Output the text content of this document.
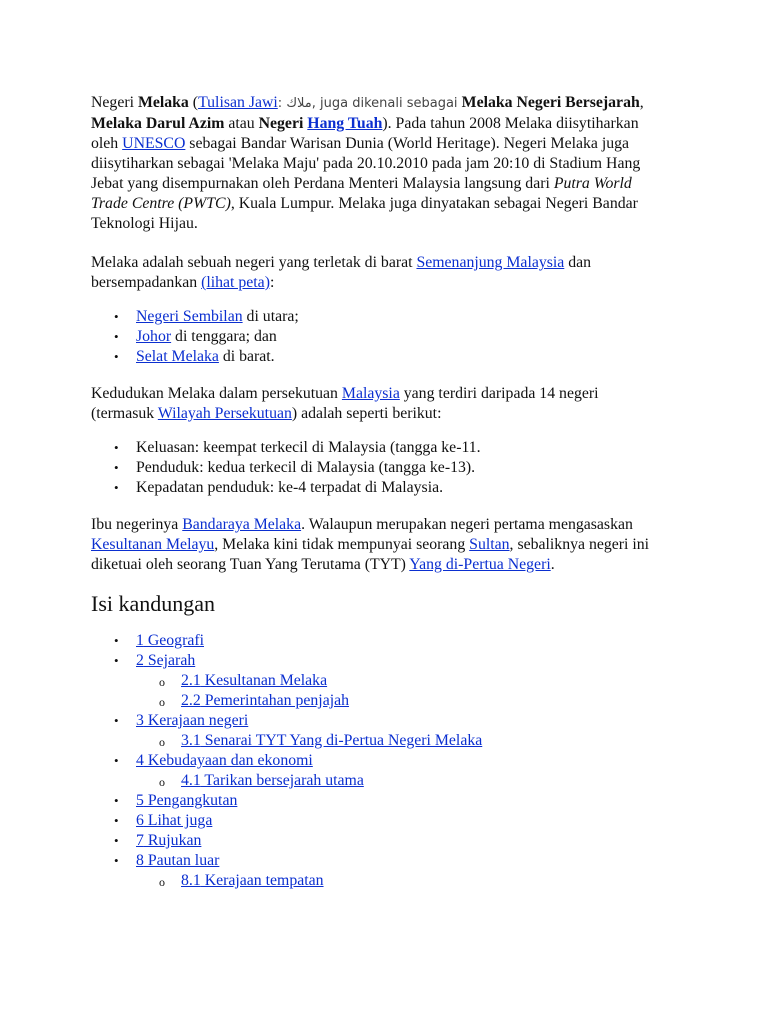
Negeri Melaka (Tulisan Jawi: ملاك, juga dikenali sebagai Melaka Negeri Bersejarah, Melaka Darul Azim atau Negeri Hang Tuah). Pada tahun 2008 Melaka diisytiharkan oleh UNESCO sebagai Bandar Warisan Dunia (World Heritage). Negeri Melaka juga diisytiharkan sebagai 'Melaka Maju' pada 20.10.2010 pada jam 20:10 di Stadium Hang Jebat yang disempurnakan oleh Perdana Menteri Malaysia langsung dari Putra World Trade Centre (PWTC), Kuala Lumpur. Melaka juga dinyatakan sebagai Negeri Bandar Teknologi Hijau.

Melaka adalah sebuah negeri yang terletak di barat Semenanjung Malaysia dan bersempadankan (lihat peta):

• Negeri Sembilan di utara;
• Johor di tenggara; dan
• Selat Melaka di barat.

Kedudukan Melaka dalam persekutuan Malaysia yang terdiri daripada 14 negeri (termasuk Wilayah Persekutuan) adalah seperti berikut:

• Keluasan: keempat terkecil di Malaysia (tangga ke-11.
• Penduduk: kedua terkecil di Malaysia (tangga ke-13).
• Kepadatan penduduk: ke-4 terpadat di Malaysia.

Ibu negerinya Bandaraya Melaka. Walaupun merupakan negeri pertama mengasaskan Kesultanan Melayu, Melaka kini tidak mempunyai seorang Sultan, sebaliknya negeri ini diketuai oleh seorang Tuan Yang Terutama (TYT) Yang di-Pertua Negeri.

Isi kandungan
• 1 Geografi
• 2 Sejarah
o 2.1 Kesultanan Melaka
o 2.2 Pemerintahan penjajah
• 3 Kerajaan negeri
o 3.1 Senarai TYT Yang di-Pertua Negeri Melaka
• 4 Kebudayaan dan ekonomi
o 4.1 Tarikan bersejarah utama
• 5 Pengangkutan
• 6 Lihat juga
• 7 Rujukan
• 8 Pautan luar
o 8.1 Kerajaan tempatan
